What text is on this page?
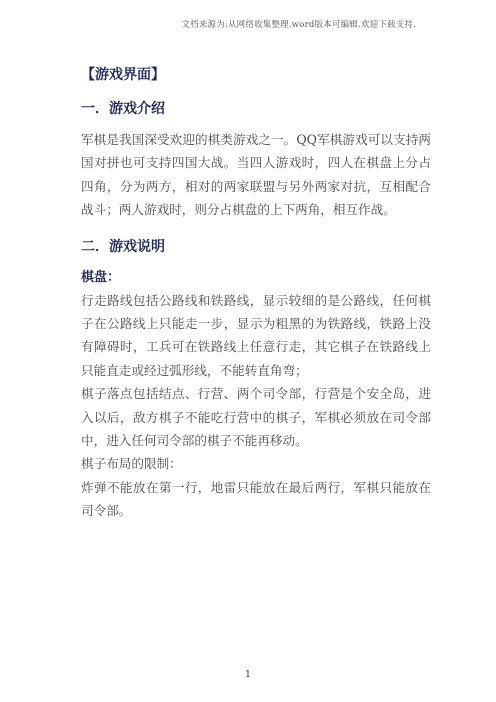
文档来源为:从网络收集整理.word版本可编辑.欢迎下载支持.
【游戏界面】
一．游戏介绍

军棋是我国深受欢迎的棋类游戏之一。QQ军棋游戏可以支持两国对拼也可支持四国大战。当四人游戏时，四人在棋盘上分占四角，分为两方，相对的两家联盟与另外两家对抗，互相配合战斗；两人游戏时，则分占棋盘的上下两角，相互作战。

二．游戏说明
棋盘：

行走路线包括公路线和铁路线，显示较细的是公路线，任何棋子在公路线上只能走一步，显示为粗黑的为铁路线，铁路上没有障碍时，工兵可在铁路线上任意行走，其它棋子在铁路线上只能直走或经过弧形线，不能转直角弯；

棋子落点包括结点、行营、两个司令部，行营是个安全岛，进入以后，敌方棋子不能吃行营中的棋子，军棋必须放在司令部中，进入任何司令部的棋子不能再移动。

棋子布局的限制：

炸弹不能放在第一行，地雷只能放在最后两行，军棋只能放在司令部。

1
